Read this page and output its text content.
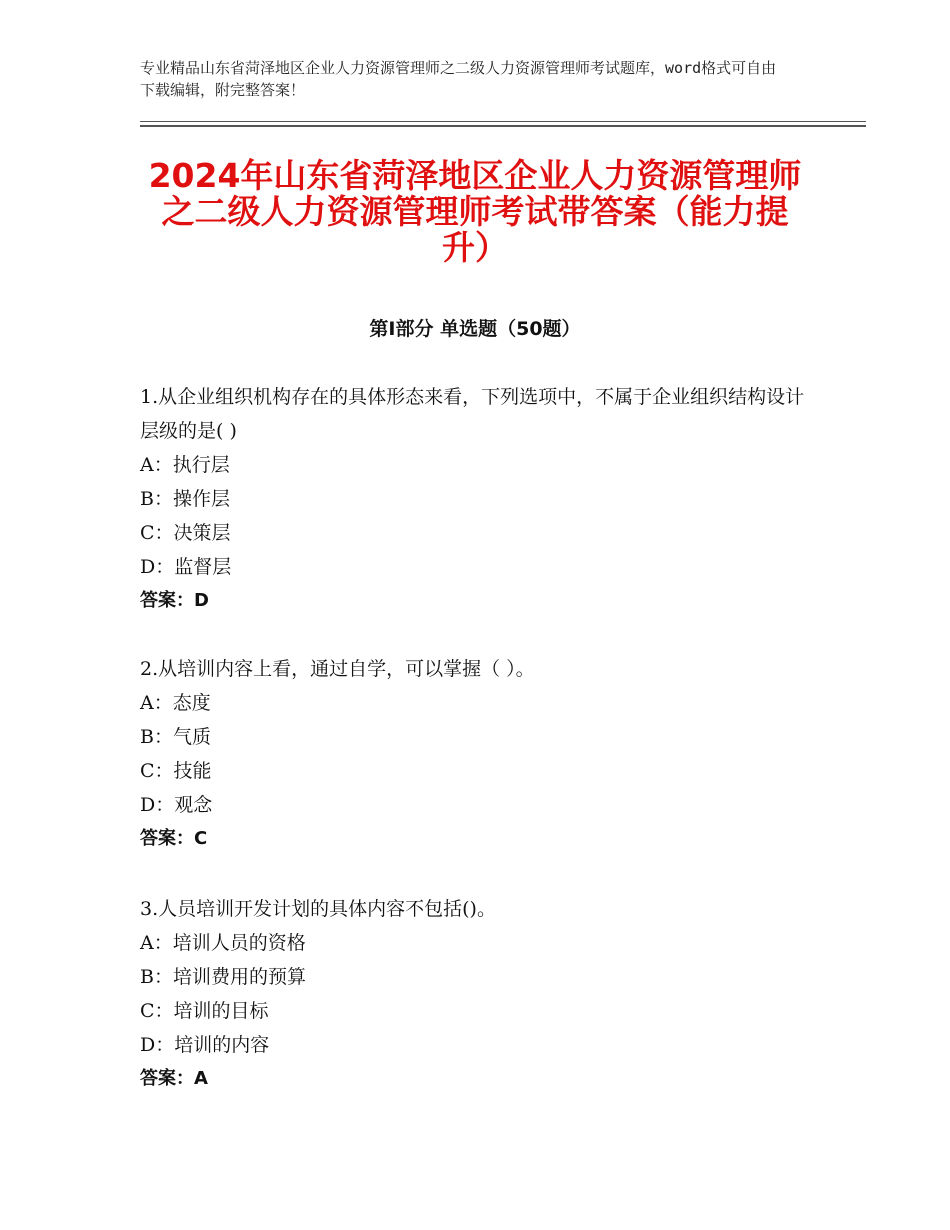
专业精品山东省菏泽地区企业人力资源管理师之二级人力资源管理师考试题库，word格式可自由下载编辑，附完整答案！
2024年山东省菏泽地区企业人力资源管理师之二级人力资源管理师考试带答案（能力提升）
第Ⅰ部分 单选题（50题）
1.从企业组织机构存在的具体形态来看，下列选项中，不属于企业组织结构设计层级的是( )
A：执行层
B：操作层
C：决策层
D：监督层
答案：D
2.从培训内容上看，通过自学，可以掌握（ ）。
A：态度
B：气质
C：技能
D：观念
答案：C
3.人员培训开发计划的具体内容不包括()。
A：培训人员的资格
B：培训费用的预算
C：培训的目标
D：培训的内容
答案：A
